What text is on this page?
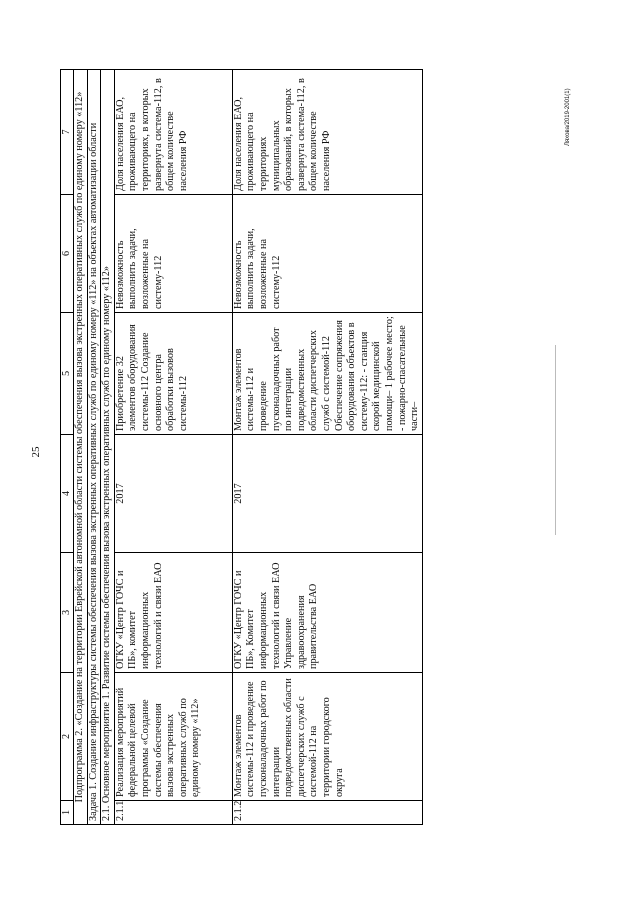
25
Ляхова/2019-2001(1)
1	2	3	4	5	6	7
Подпрограмма 2. «Создание на территории Еврейской автономной области системы обеспечения вызова экстренных оперативных служб по единому номеру «112»						
Задача 1. Создание инфраструктуры системы обеспечения вызова экстренных оперативных служб по единому номеру «112» на объектах автоматизации области						
2.1. Основное мероприятие 1. Развитие системы обеспечения вызова экстренных оперативных служб по единому номеру «112»						
2.1.1	Реализация мероприятий федеральной целевой программы «Создание системы обеспечения вызова экстренных оперативных служб по единому номеру «112»	ОГКУ «Центр ГОЧС и ПБ», комитет информационных технологий и связи ЕАО	2017	Приобретение 32 элементов оборудования системы-112 Создание основного центра обработки вызовов системы-112	Невозможность выполнить задачи, возложенные на систему-112	Доля населения ЕАО, проживающего на территориях, в которых развернута система-112, в общем количестве населения РФ
2.1.2	Монтаж элементов системы-112 и проведение пусконаладочных работ по интеграции подведомственных области диспетчерских служб с системой-112 на территории городского округа	ОГКУ «Центр ГОЧС и ПБ», Комитет информационных технологий и связи ЕАО Управление здравоохранения правительства ЕАО	2017	Монтаж элементов системы-112 и проведение пусконаладочных работ по интеграции подведомственных области диспетчерских служб с системой-112 Обеспечение сопряжения оборудования объектов в систему-112: - станция скорой медицинской помощи– 1 рабочее место; - пожарно-спасательные части–	Невозможность выполнить задачи, возложенные на систему-112	Доля населения ЕАО, проживающего на территориях муниципальных образований, в которых развернута система-112, в общем количестве населения РФ
